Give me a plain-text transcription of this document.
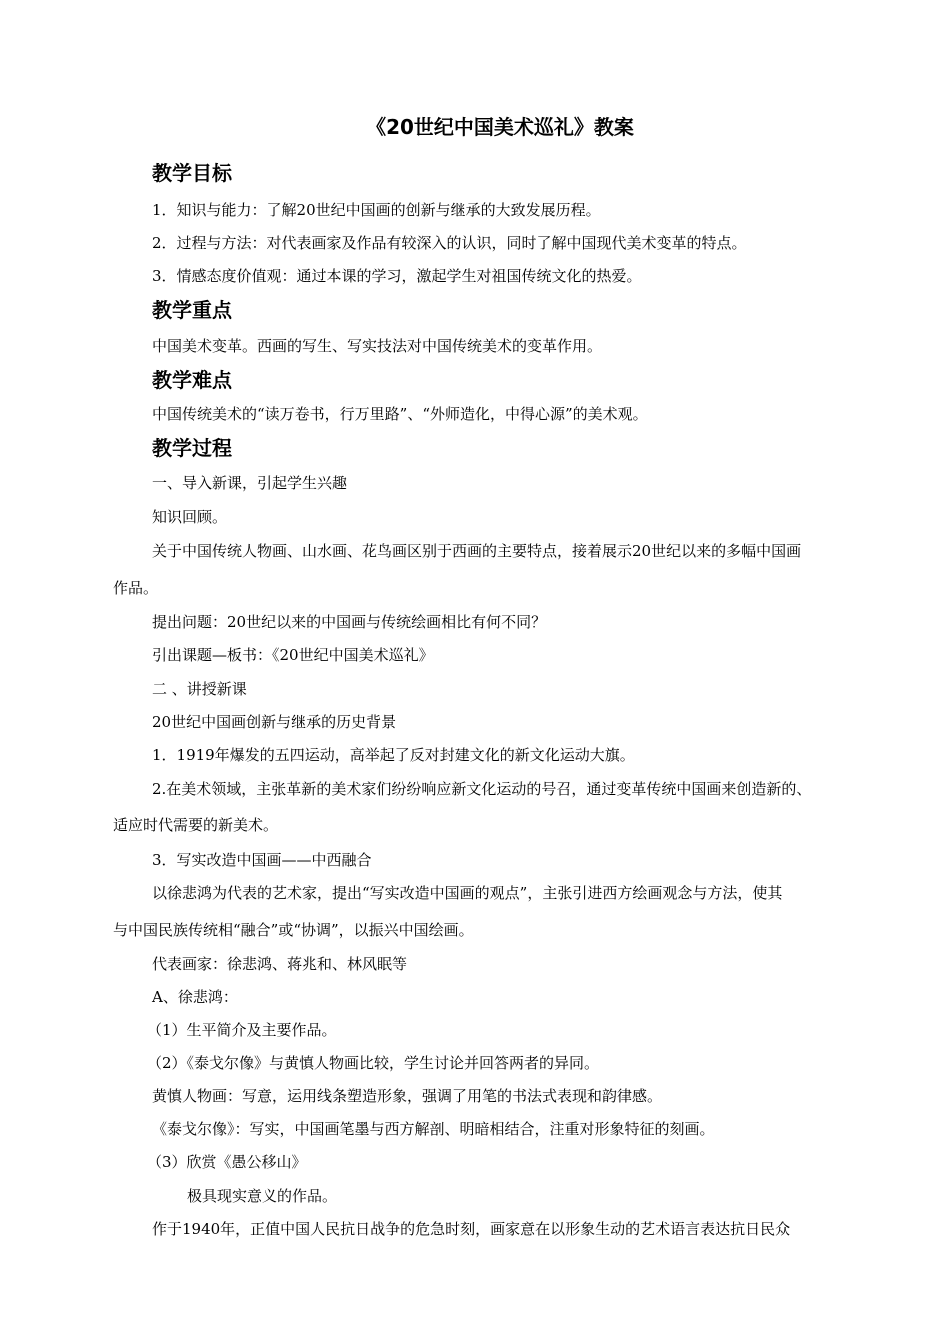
《20世纪中国美术巡礼》教案
教学目标
1．知识与能力：了解20世纪中国画的创新与继承的大致发展历程。
2．过程与方法：对代表画家及作品有较深入的认识，同时了解中国现代美术变革的特点。
3．情感态度价值观：通过本课的学习，激起学生对祖国传统文化的热爱。
教学重点
中国美术变革。西画的写生、写实技法对中国传统美术的变革作用。
教学难点
中国传统美术的“读万卷书，行万里路”、“外师造化，中得心源”的美术观。
教学过程
一、导入新课，引起学生兴趣
知识回顾。
关于中国传统人物画、山水画、花鸟画区别于西画的主要特点，接着展示20世纪以来的多幅中国画
作品。
提出问题：20世纪以来的中国画与传统绘画相比有何不同？
引出课题—板书：《20世纪中国美术巡礼》
二 、讲授新课
20世纪中国画创新与继承的历史背景
1．1919年爆发的五四运动，高举起了反对封建文化的新文化运动大旗。
2.在美术领域，主张革新的美术家们纷纷响应新文化运动的号召，通过变革传统中国画来创造新的、
适应时代需要的新美术。
3．写实改造中国画——中西融合
以徐悲鸿为代表的艺术家，提出“写实改造中国画的观点”，主张引进西方绘画观念与方法，使其
与中国民族传统相“融合”或“协调”，以振兴中国绘画。
代表画家：徐悲鸿、蒋兆和、林风眠等
A、徐悲鸿：
（1）生平简介及主要作品。
（2）《泰戈尔像》与黄慎人物画比较，学生讨论并回答两者的异同。
黄慎人物画：写意，运用线条塑造形象，强调了用笔的书法式表现和韵律感。
《泰戈尔像》：写实，中国画笔墨与西方解剖、明暗相结合，注重对形象特征的刻画。
（3）欣赏《愚公移山》
极具现实意义的作品。
作于1940年，正值中国人民抗日战争的危急时刻，画家意在以形象生动的艺术语言表达抗日民众
